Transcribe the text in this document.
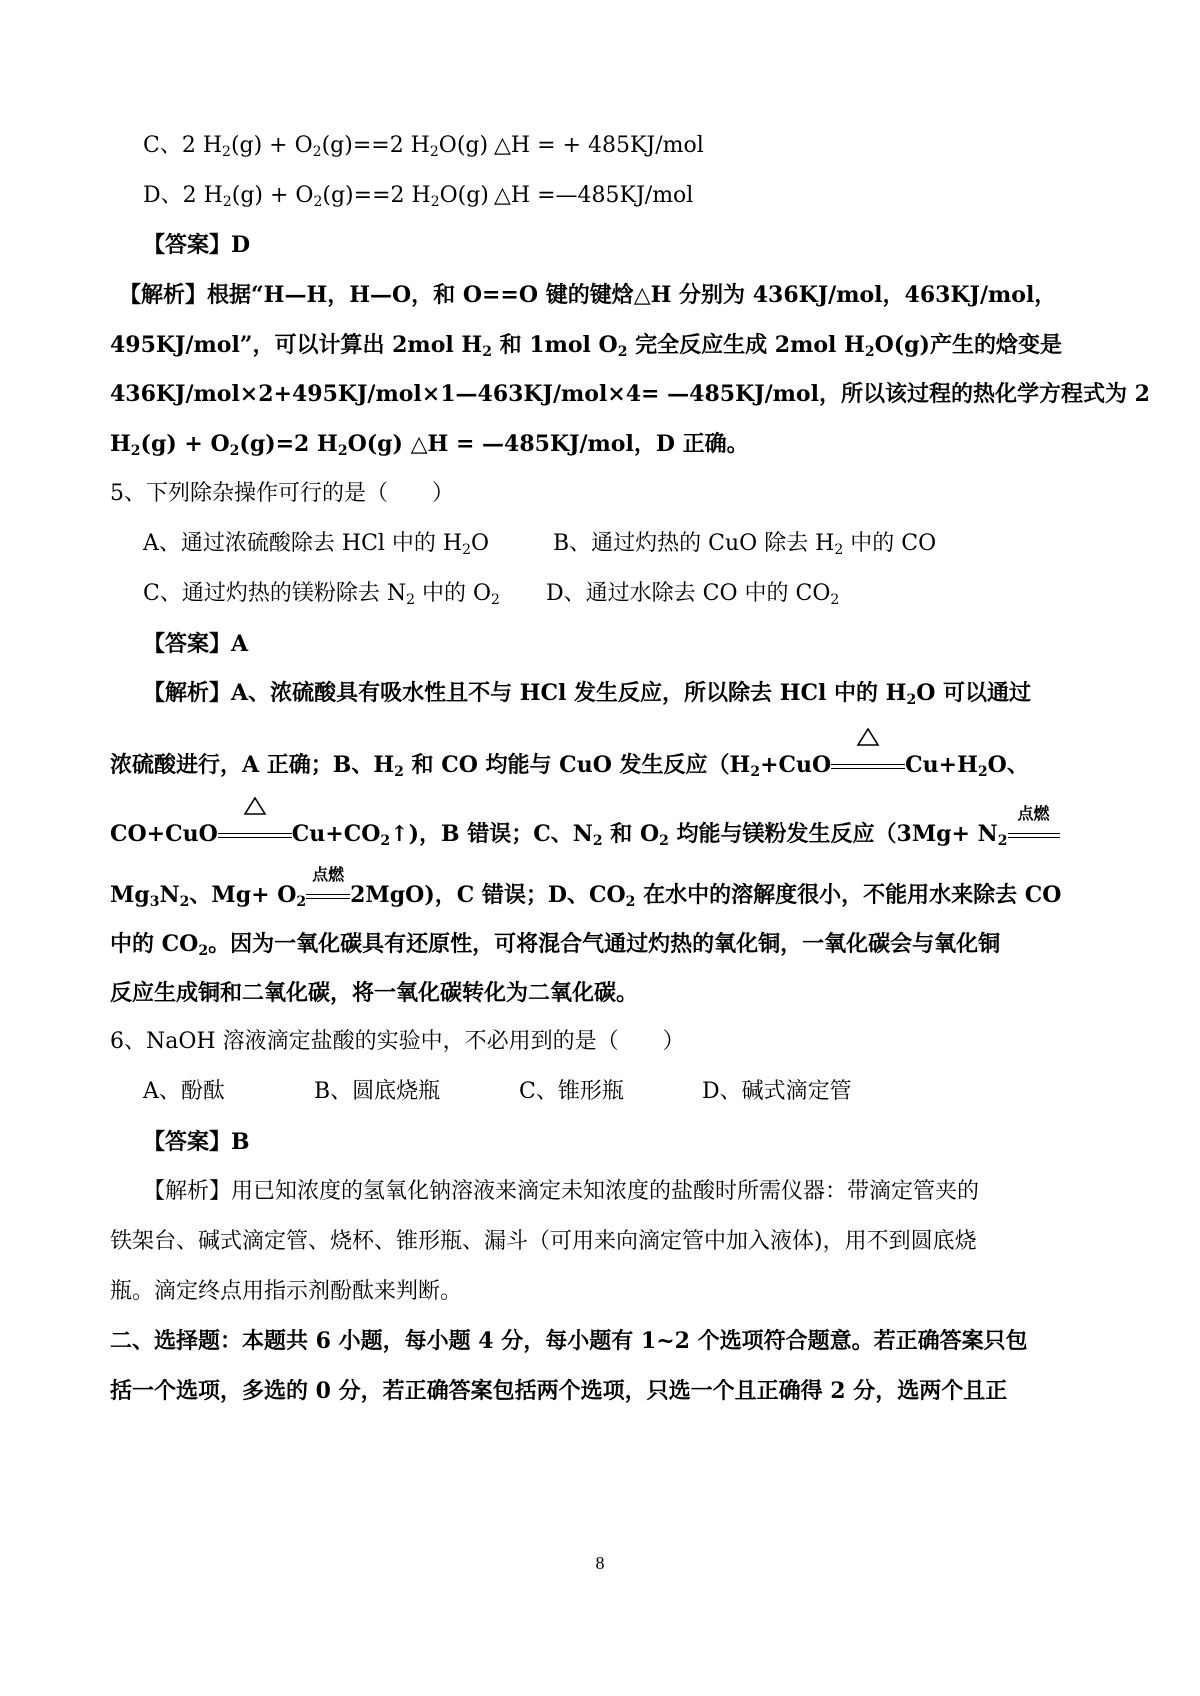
C、2 $H_2(g) + O_2(g)==2$ $H_2O(g)$ △H = + 485KJ/mol
D、2 $H_2(g) + O_2(g)==2$ $H_2O(g)$ △H =—485KJ/mol
【答案】D
【解析】根据“H—H，H—O，和 O==O 键的键焓△H 分别为 436KJ/mol，463KJ/mol，
495KJ/mol”，可以计算出 2mol $H_2$ 和 1mol $O_2$ 完全反应生成 2mol $H_2O(g)$产生的焓变是
436KJ/mol×2+495KJ/mol×1—463KJ/mol×4= —485KJ/mol，所以该过程的热化学方程式为 2
$H_2(g) + O_2(g)=2$ $H_2O(g)$ △H = —485KJ/mol，D 正确。
5、下列除杂操作可行的是（　　）
A、通过浓硫酸除去 HCl 中的 $H_2O$	B、通过灼热的 CuO 除去 $H_2$ 中的 CO
C、通过灼热的镁粉除去 $N_2$ 中的 $O_2$ D、通过水除去 CO 中的 $CO_2$
【答案】A
【解析】A、浓硫酸具有吸水性且不与 HCl 发生反应，所以除去 HCl 中的 $H_2O$ 可以通过
浓硫酸进行，A 正确；B、$H_2$ 和 CO 均能与 CuO 发生反应（$H_2+CuO$	$Cu+H_2O$、
CO+CuO	$Cu+CO_2↑$)，B 错误；C、$N_2$ 和 $O_2$ 均能与镁粉发生反应（$3Mg+ N_2$
点燃
$Mg_3N_2$、$Mg+ O_2$
点燃
2MgO)，C 错误；D、$CO_2$ 在水中的溶解度很小，不能用水来除去 CO
中的 $CO_2$。因为一氧化碳具有还原性，可将混合气通过灼热的氧化铜，一氧化碳会与氧化铜
反应生成铜和二氧化碳，将一氧化碳转化为二氧化碳。
6、NaOH 溶液滴定盐酸的实验中，不必用到的是（　　）
A、酚酞	B、圆底烧瓶	C、锥形瓶	D、碱式滴定管
【答案】B
【解析】用已知浓度的氢氧化钠溶液来滴定未知浓度的盐酸时所需仪器：带滴定管夹的
铁架台、碱式滴定管、烧杯、锥形瓶、漏斗（可用来向滴定管中加入液体)，用不到圆底烧
瓶。滴定终点用指示剂酚酞来判断。
二、选择题：本题共 6 小题，每小题 4 分，每小题有 1~2 个选项符合题意。若正确答案只包
括一个选项，多选的 0 分，若正确答案包括两个选项，只选一个且正确得 2 分，选两个且正
8
